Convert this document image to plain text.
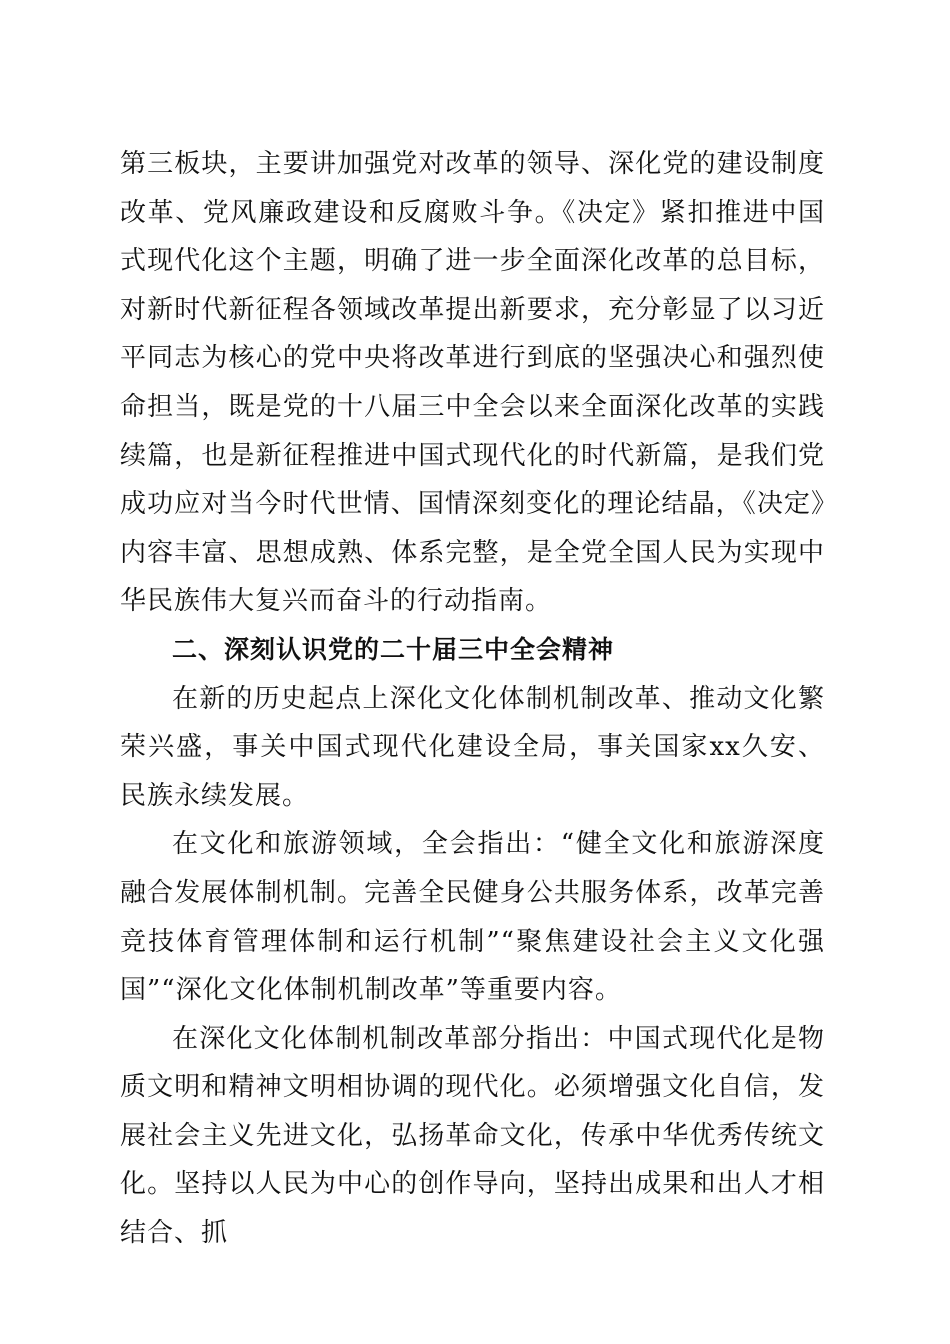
第三板块，主要讲加强党对改革的领导、深化党的建设制度改革、党风廉政建设和反腐败斗争。《决定》紧扣推进中国式现代化这个主题，明确了进一步全面深化改革的总目标，对新时代新征程各领域改革提出新要求，充分彰显了以习近平同志为核心的党中央将改革进行到底的坚强决心和强烈使命担当，既是党的十八届三中全会以来全面深化改革的实践续篇，也是新征程推进中国式现代化的时代新篇，是我们党成功应对当今时代世情、国情深刻变化的理论结晶，《决定》内容丰富、思想成熟、体系完整，是全党全国人民为实现中华民族伟大复兴而奋斗的行动指南。

二、深刻认识党的二十届三中全会精神

在新的历史起点上深化文化体制机制改革、推动文化繁荣兴盛，事关中国式现代化建设全局，事关国家xx久安、民族永续发展。

在文化和旅游领域，全会指出：“健全文化和旅游深度融合发展体制机制。完善全民健身公共服务体系，改革完善竞技体育管理体制和运行机制”“聚焦建设社会主义文化强国”“深化文化体制机制改革”等重要内容。

在深化文化体制机制改革部分指出：中国式现代化是物质文明和精神文明相协调的现代化。必须增强文化自信，发展社会主义先进文化，弘扬革命文化，传承中华优秀传统文化。坚持以人民为中心的创作导向，坚持出成果和出人才相结合、抓
